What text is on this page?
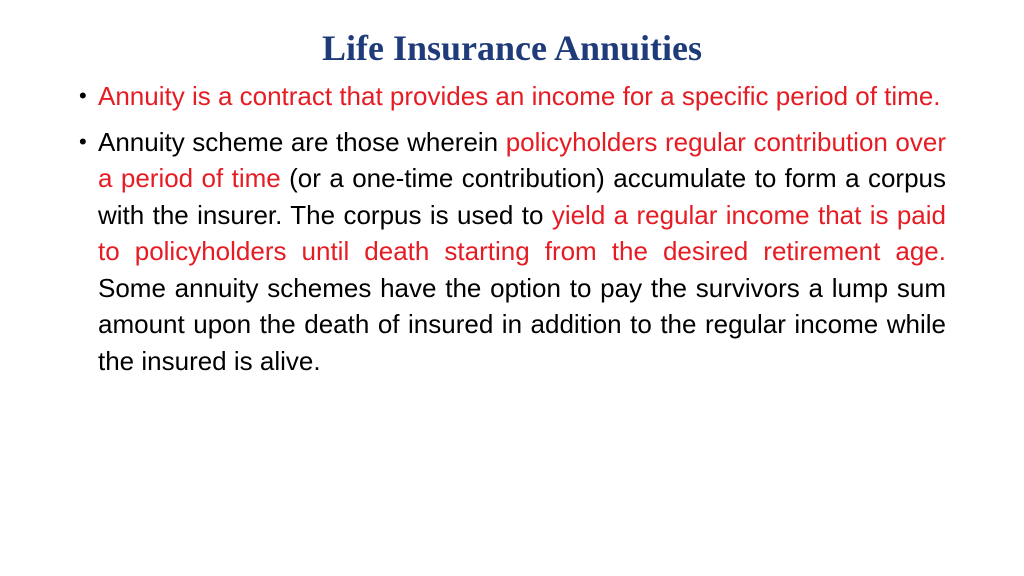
Life Insurance Annuities
• Annuity is a contract that provides an income for a specific period of time.
• Annuity scheme are those wherein policyholders regular contribution over a period of time (or a one-time contribution) accumulate to form a corpus with the insurer. The corpus is used to yield a regular income that is paid to policyholders until death starting from the desired retirement age. Some annuity schemes have the option to pay the survivors a lump sum amount upon the death of insured in addition to the regular income while the insured is alive.
